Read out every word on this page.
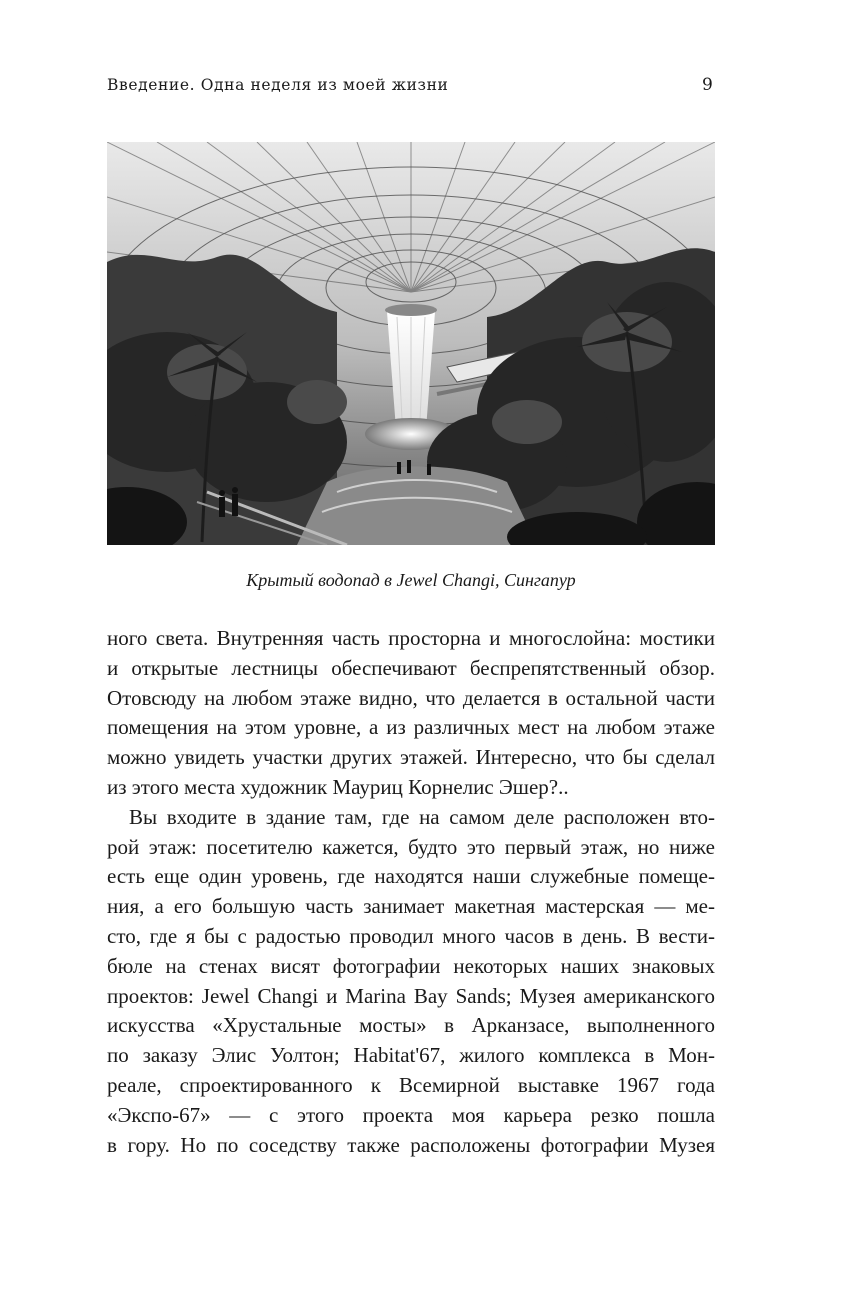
Введение. Одна неделя из моей жизни	9
Крытый водопад в Jewel Changi, Сингапур
ного света. Внутренняя часть просторна и многослойна: мостики
и открытые лестницы обеспечивают беспрепятственный обзор.
Отовсюду на любом этаже видно, что делается в остальной части
помещения на этом уровне, а из различных мест на любом этаже
можно увидеть участки других этажей. Интересно, что бы сделал
из этого места художник Мауриц Корнелис Эшер?..
Вы входите в здание там, где на самом деле расположен вто-
рой этаж: посетителю кажется, будто это первый этаж, но ниже
есть еще один уровень, где находятся наши служебные помеще-
ния, а его большую часть занимает макетная мастерская — ме-
сто, где я бы с радостью проводил много часов в день. В вести-
бюле на стенах висят фотографии некоторых наших знаковых
проектов: Jewel Changi и Marina Bay Sands; Музея американского
искусства «Хрустальные мосты» в Арканзасе, выполненного
по заказу Элис Уолтон; Habitat'67, жилого комплекса в Мон-
реале, спроектированного к Всемирной выставке 1967 года
«Экспо-67» — с этого проекта моя карьера резко пошла
в гору. Но по соседству также расположены фотографии Музея
